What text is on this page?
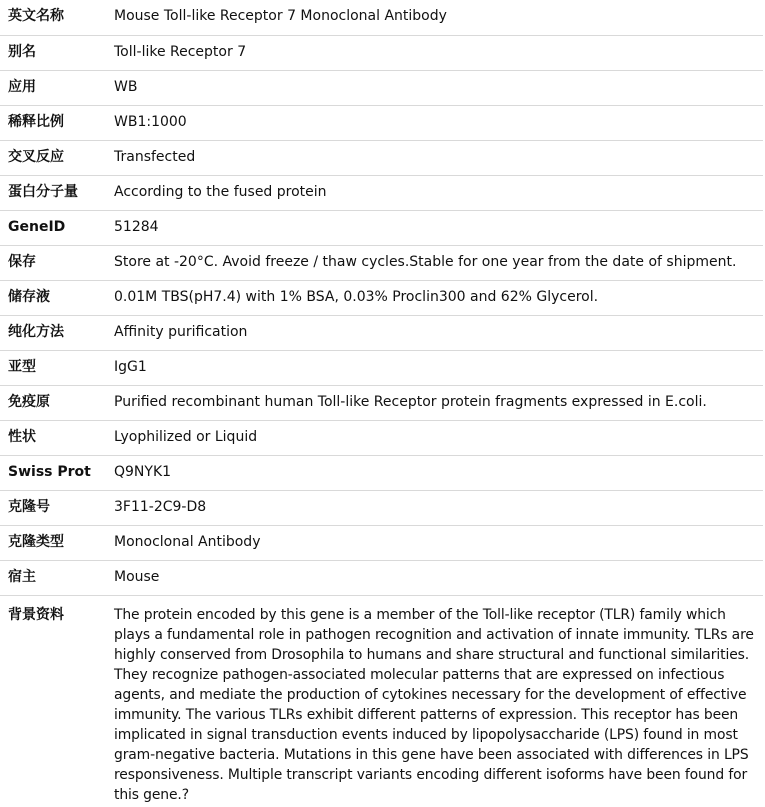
英文名称	Mouse Toll-like Receptor 7 Monoclonal Antibody
别名	Toll-like Receptor 7
应用	WB
稀释比例	WB1:1000
交叉反应	Transfected
蛋白分子量	According to the fused protein
GeneID	51284
保存	Store at -20°C. Avoid freeze / thaw cycles.Stable for one year from the date of shipment.
储存液	0.01M TBS(pH7.4) with 1% BSA, 0.03% Proclin300 and 62% Glycerol.
纯化方法	Affinity purification
亚型	IgG1
免疫原	Purified recombinant human Toll-like Receptor protein fragments expressed in E.coli.
性状	Lyophilized or Liquid
Swiss Prot	Q9NYK1
克隆号	3F11-2C9-D8
克隆类型	Monoclonal Antibody
宿主	Mouse
背景资料	The protein encoded by this gene is a member of the Toll-like receptor (TLR) family which plays a fundamental role in pathogen recognition and activation of innate immunity. TLRs are highly conserved from Drosophila to humans and share structural and functional similarities. They recognize pathogen-associated molecular patterns that are expressed on infectious agents, and mediate the production of cytokines necessary for the development of effective immunity. The various TLRs exhibit different patterns of expression. This receptor has been implicated in signal transduction events induced by lipopolysaccharide (LPS) found in most gram-negative bacteria. Mutations in this gene have been associated with differences in LPS responsiveness. Multiple transcript variants encoding different isoforms have been found for this gene.?
